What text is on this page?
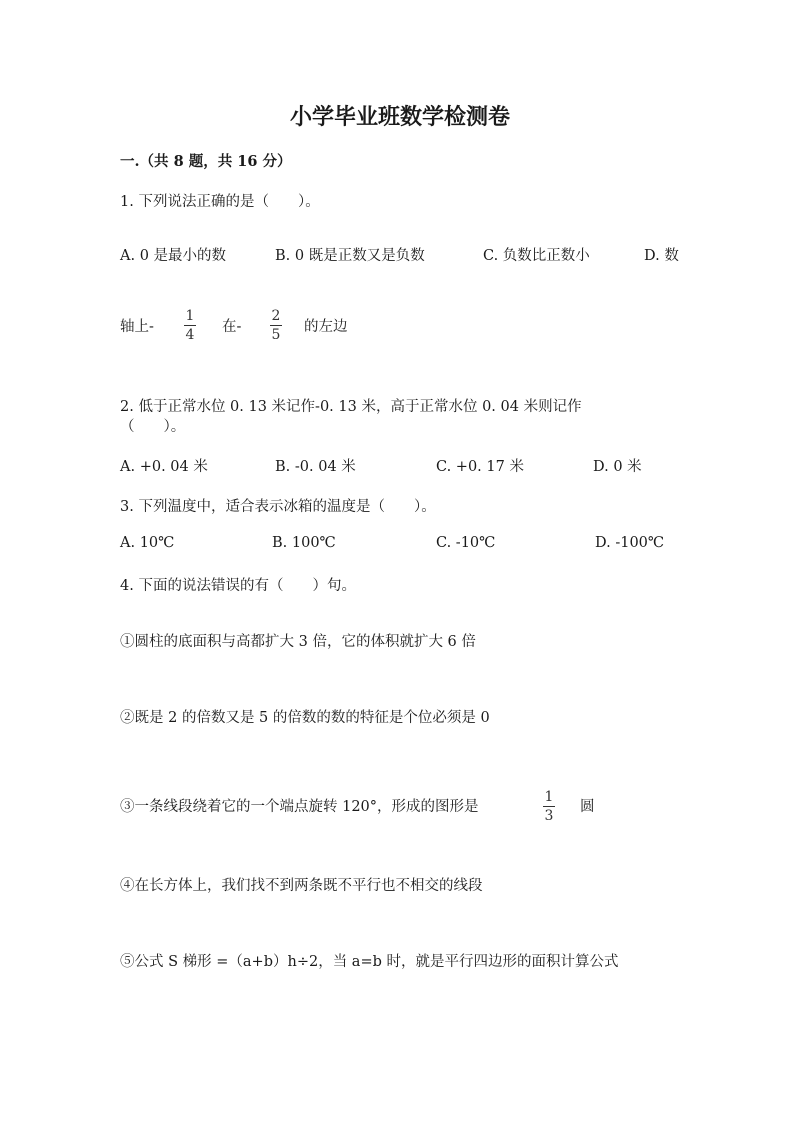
小学毕业班数学检测卷
一.（共 8 题，共 16 分）
1. 下列说法正确的是（　　）。
A. 0 是最小的数	B. 0 既是正数又是负数	C. 负数比正数小	D. 数
轴上-
1
4 在-
2
5 的左边
2. 低于正常水位 0. 13 米记作-0. 13 米，高于正常水位 0. 04 米则记作
（　　）。
A. +0. 04 米	B. -0. 04 米	C. +0. 17 米	D. 0 米
3. 下列温度中，适合表示冰箱的温度是（　　）。
A. 10℃	B. 100℃	C. -10℃	D. -100℃
4. 下面的说法错误的有（　　）句。
①圆柱的底面积与高都扩大 3 倍，它的体积就扩大 6 倍
②既是 2 的倍数又是 5 的倍数的数的特征是个位必须是 0
③一条线段绕着它的一个端点旋转 120°，形成的图形是
1
3
圆
④在长方体上，我们找不到两条既不平行也不相交的线段
⑤公式 S 梯形 =（a+b）h÷2，当 a=b 时，就是平行四边形的面积计算公式
